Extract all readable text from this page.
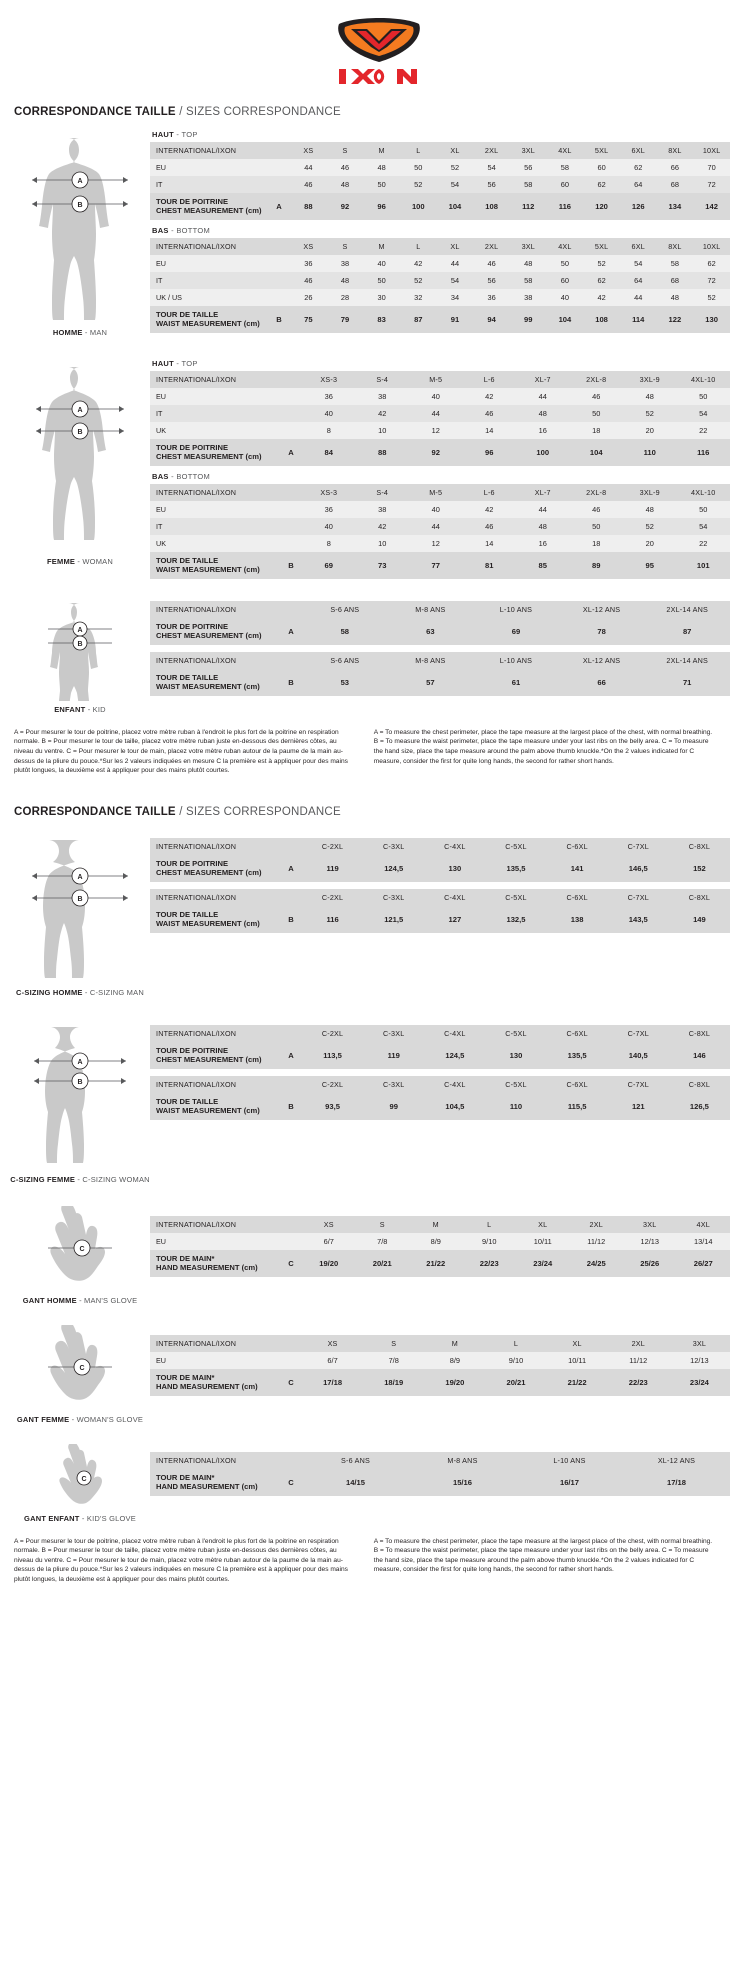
CORRESPONDANCE TAILLE / SIZES CORRESPONDANCE
A
B
HOMME - MAN
HAUT - TOP
INTERNATIONAL/IXON		XS	S	M	L	XL	2XL	3XL	4XL	5XL	6XL	8XL	10XL
EU		44	46	48	50	52	54	56	58	60	62	66	70
IT		46	48	50	52	54	56	58	60	62	64	68	72
TOUR DE POITRINE
CHEST MEASUREMENT (cm)	A	88	92	96	100	104	108	112	116	120	126	134	142
BAS - BOTTOM
INTERNATIONAL/IXON		XS	S	M	L	XL	2XL	3XL	4XL	5XL	6XL	8XL	10XL
EU		36	38	40	42	44	46	48	50	52	54	58	62
IT		46	48	50	52	54	56	58	60	62	64	68	72
UK / US		26	28	30	32	34	36	38	40	42	44	48	52
TOUR DE TAILLE
WAIST MEASUREMENT (cm)	B	75	79	83	87	91	94	99	104	108	114	122	130
A
B
FEMME - WOMAN
HAUT - TOP
INTERNATIONAL/IXON		XS-3	S-4	M-5	L-6	XL-7	2XL-8	3XL-9	4XL-10
EU		36	38	40	42	44	46	48	50
IT		40	42	44	46	48	50	52	54
UK		8	10	12	14	16	18	20	22
TOUR DE POITRINE
CHEST MEASUREMENT (cm)	A	84	88	92	96	100	104	110	116
BAS - BOTTOM
INTERNATIONAL/IXON		XS-3	S-4	M-5	L-6	XL-7	2XL-8	3XL-9	4XL-10
EU		36	38	40	42	44	46	48	50
IT		40	42	44	46	48	50	52	54
UK		8	10	12	14	16	18	20	22
TOUR DE TAILLE
WAIST MEASUREMENT (cm)	B	69	73	77	81	85	89	95	101
A
B
ENFANT - KID
INTERNATIONAL/IXON		S-6 ANS	M-8 ANS	L-10 ANS	XL-12 ANS	2XL-14 ANS
TOUR DE POITRINE
CHEST MEASUREMENT (cm)	A	58	63	69	78	87
INTERNATIONAL/IXON		S-6 ANS	M-8 ANS	L-10 ANS	XL-12 ANS	2XL-14 ANS
TOUR DE TAILLE
WAIST MEASUREMENT (cm)	B	53	57	61	66	71
A = Pour mesurer le tour de poitrine, placez votre mètre ruban à l'endroit le plus fort de la poitrine en respiration normale. B = Pour mesurer le tour de taille, placez votre mètre ruban juste en-dessous des dernières côtes, au niveau du ventre. C = Pour mesurer le tour de main, placez votre mètre ruban autour de la paume de la main au-dessus de la pliure du pouce.*Sur les 2 valeurs indiquées en mesure C la première est à appliquer pour des mains plutôt longues, la deuxième est à appliquer pour des mains plutôt courtes.
A = To measure the chest perimeter, place the tape measure at the largest place of the chest, with normal breathing. B = To measure the waist perimeter, place the tape measure under your last ribs on the belly area. C = To measure the hand size, place the tape measure around the palm above thumb knuckle.*On the 2 values indicated for C measure, consider the first for quite long hands, the second for rather short hands.
CORRESPONDANCE TAILLE / SIZES CORRESPONDANCE
A
B
C-SIZING HOMME - C-SIZING MAN
INTERNATIONAL/IXON		C-2XL	C-3XL	C-4XL	C-5XL	C-6XL	C-7XL	C-8XL
TOUR DE POITRINE
CHEST MEASUREMENT (cm)	A	119	124,5	130	135,5	141	146,5	152
INTERNATIONAL/IXON		C-2XL	C-3XL	C-4XL	C-5XL	C-6XL	C-7XL	C-8XL
TOUR DE TAILLE
WAIST MEASUREMENT (cm)	B	116	121,5	127	132,5	138	143,5	149
A
B
C-SIZING FEMME - C-SIZING WOMAN
INTERNATIONAL/IXON		C-2XL	C-3XL	C-4XL	C-5XL	C-6XL	C-7XL	C-8XL
TOUR DE POITRINE
CHEST MEASUREMENT (cm)	A	113,5	119	124,5	130	135,5	140,5	146
INTERNATIONAL/IXON		C-2XL	C-3XL	C-4XL	C-5XL	C-6XL	C-7XL	C-8XL
TOUR DE TAILLE
WAIST MEASUREMENT (cm)	B	93,5	99	104,5	110	115,5	121	126,5
C
GANT HOMME - MAN'S GLOVE
INTERNATIONAL/IXON		XS	S	M	L	XL	2XL	3XL	4XL
EU		6/7	7/8	8/9	9/10	10/11	11/12	12/13	13/14
TOUR DE MAIN*
HAND MEASUREMENT (cm)	C	19/20	20/21	21/22	22/23	23/24	24/25	25/26	26/27
C
GANT FEMME - WOMAN'S GLOVE
INTERNATIONAL/IXON		XS	S	M	L	XL	2XL	3XL
EU		6/7	7/8	8/9	9/10	10/11	11/12	12/13
TOUR DE MAIN*
HAND MEASUREMENT (cm)	C	17/18	18/19	19/20	20/21	21/22	22/23	23/24
C
GANT ENFANT - KID'S GLOVE
INTERNATIONAL/IXON		S-6 ANS	M-8 ANS	L-10 ANS	XL-12 ANS
TOUR DE MAIN*
HAND MEASUREMENT (cm)	C	14/15	15/16	16/17	17/18
A = Pour mesurer le tour de poitrine, placez votre mètre ruban à l'endroit le plus fort de la poitrine en respiration normale. B = Pour mesurer le tour de taille, placez votre mètre ruban juste en-dessous des dernières côtes, au niveau du ventre. C = Pour mesurer le tour de main, placez votre mètre ruban autour de la paume de la main au-dessus de la pliure du pouce.*Sur les 2 valeurs indiquées en mesure C la première est à appliquer pour des mains plutôt longues, la deuxième est à appliquer pour des mains plutôt courtes.
A = To measure the chest perimeter, place the tape measure at the largest place of the chest, with normal breathing. B = To measure the waist perimeter, place the tape measure under your last ribs on the belly area. C = To measure the hand size, place the tape measure around the palm above thumb knuckle.*On the 2 values indicated for C measure, consider the first for quite long hands, the second for rather short hands.
